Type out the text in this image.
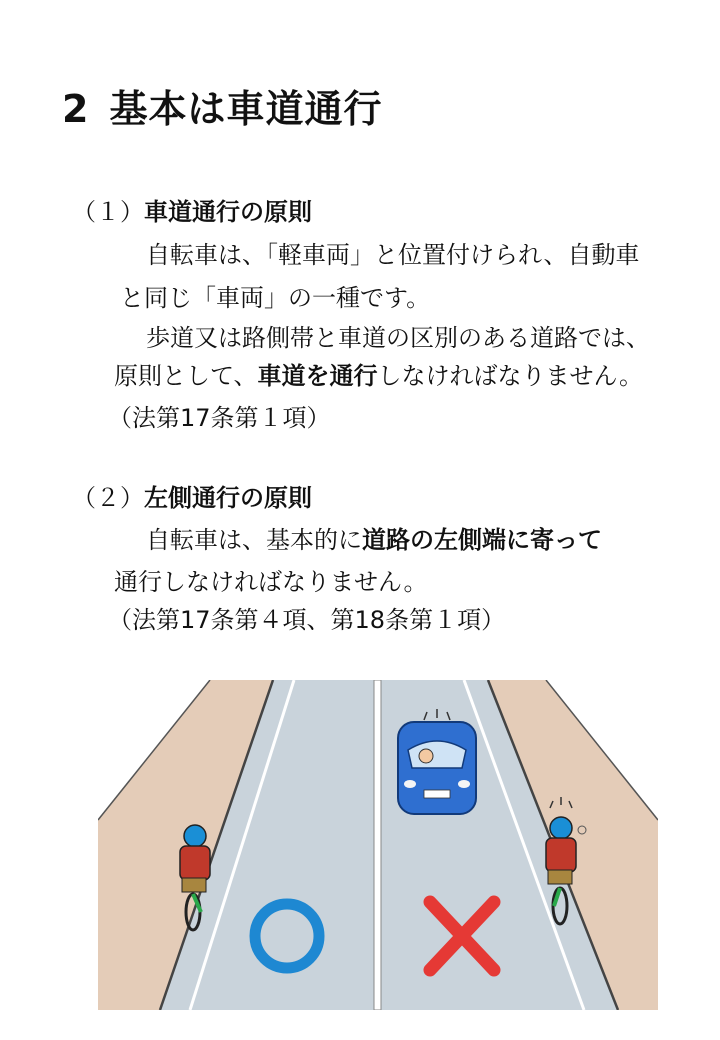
2 基本は車道通行
（１）車道通行の原則
自転車は、「軽車両」と位置付けられ、自動車
と同じ「車両」の一種です。
歩道又は路側帯と車道の区別のある道路では、
原則として、車道を通行しなければなりません。
（法第17条第１項）
（２）左側通行の原則
自転車は、基本的に道路の左側端に寄って
通行しなければなりません。
（法第17条第４項、第18条第１項）
